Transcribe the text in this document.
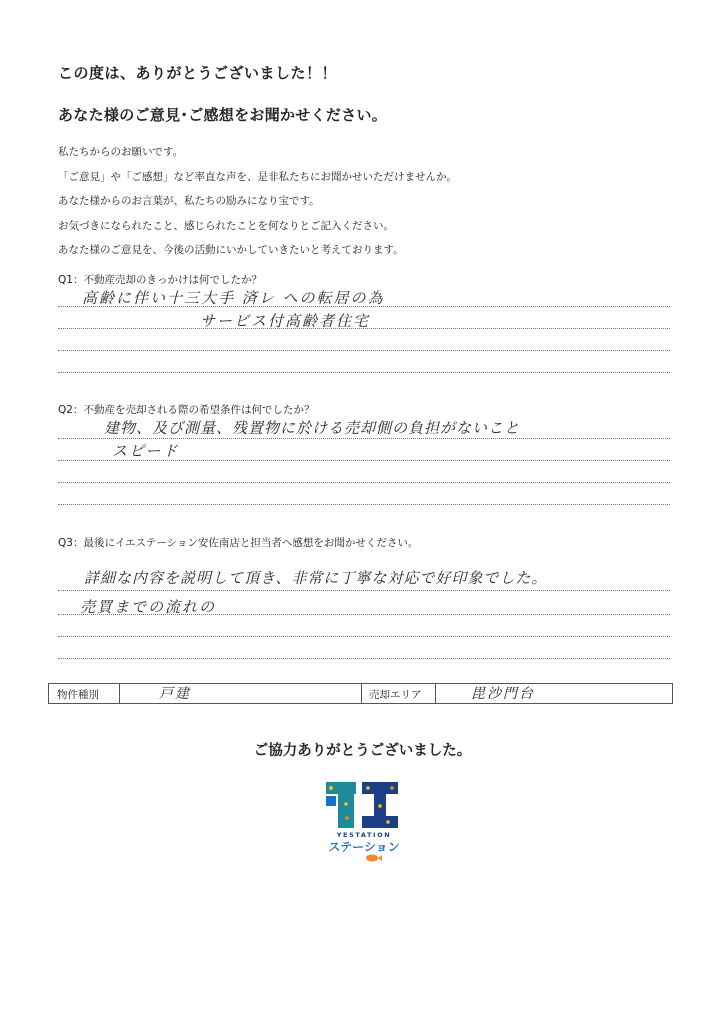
この度は、ありがとうございました！！
あなた様のご意見･ご感想をお聞かせください。
私たちからのお願いです。
「ご意見」や「ご感想」など率直な声を、是非私たちにお聞かせいただけませんか。
あなた様からのお言葉が、私たちの励みになり宝です。
お気づきになられたこと、感じられたことを何なりとご記入ください。
あなた様のご意見を、今後の活動にいかしていきたいと考えております。
Q1：不動産売却のきっかけは何でしたか？
高齢に伴い十三大手 済レ への転居の為
サービス付高齢者住宅
Q2：不動産を売却される際の希望条件は何でしたか？
建物、及び測量、残置物に於ける売却側の負担がないこと
スピード
Q3：最後にイエステーション安佐南店と担当者へ感想をお聞かせください。
詳細な内容を説明して頂き、非常に丁寧な対応で好印象でした。
売買までの流れの
物件種別	戸建	売却エリア	毘沙門台
ご協力ありがとうございました。
YESTATION
ステーション
